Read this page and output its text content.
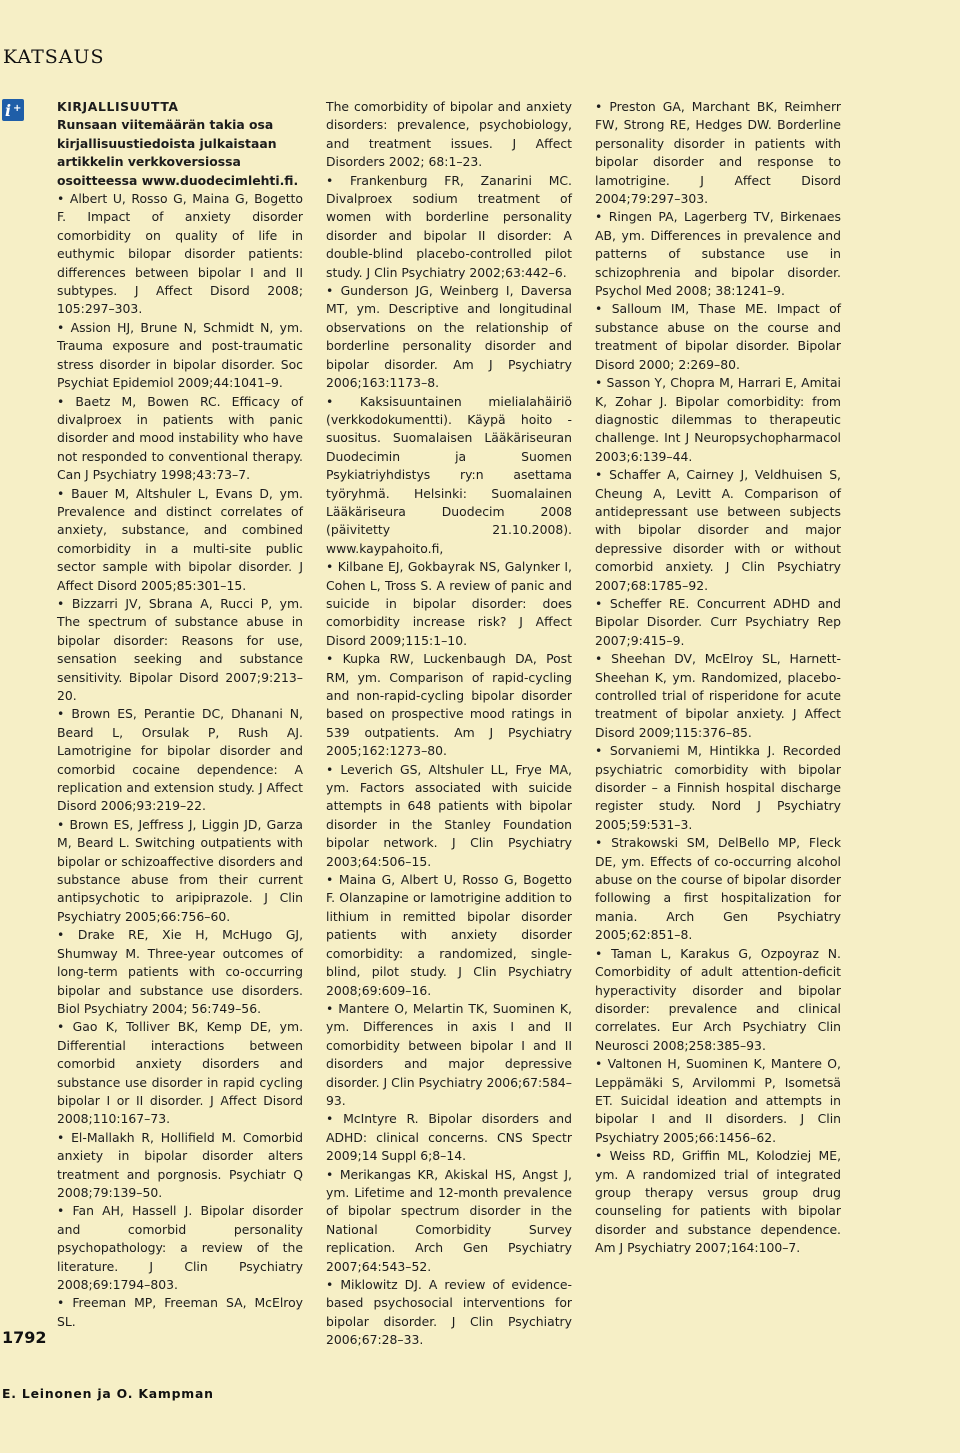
KATSAUS
i +	KIRJALLISUUTTA
Runsaan viitemäärän takia osa kirjallisuustiedoista julkaistaan artikkelin verkkoversiossa osoitteessa www.duodecimlehti.fi.

• Albert U, Rosso G, Maina G, Bogetto F. Impact of anxiety disorder comorbidity on quality of life in euthymic bilopar disorder patients: differences between bipolar I and II subtypes. J Affect Disord 2008; 105:297–303.

• Assion HJ, Brune N, Schmidt N, ym. Trauma exposure and post-traumatic stress disorder in bipolar disorder. Soc Psychiat Epidemiol 2009;44:1041–9.

• Baetz M, Bowen RC. Efficacy of divalproex in patients with panic disorder and mood instability who have not responded to conventional therapy. Can J Psychiatry 1998;43:73–7.

• Bauer M, Altshuler L, Evans D, ym. Prevalence and distinct correlates of anxiety, substance, and combined comorbidity in a multi-site public sector sample with bipolar disorder. J Affect Disord 2005;85:301–15.

• Bizzarri JV, Sbrana A, Rucci P, ym. The spectrum of substance abuse in bipolar disorder: Reasons for use, sensation seeking and substance sensitivity. Bipolar Disord 2007;9:213–20.

• Brown ES, Perantie DC, Dhanani N, Beard L, Orsulak P, Rush AJ. Lamotrigine for bipolar disorder and comorbid cocaine dependence: A replication and extension study. J Affect Disord 2006;93:219–22.

• Brown ES, Jeffress J, Liggin JD, Garza M, Beard L. Switching outpatients with bipolar or schizoaffective disorders and substance abuse from their current antipsychotic to aripiprazole. J Clin Psychiatry 2005;66:756–60.

• Drake RE, Xie H, McHugo GJ, Shumway M. Three-year outcomes of long-term patients with co-occurring bipolar and substance use disorders. Biol Psychiatry 2004; 56:749–56.

• Gao K, Tolliver BK, Kemp DE, ym. Differential interactions between comorbid anxiety disorders and substance use disorder in rapid cycling bipolar I or II disorder. J Affect Disord 2008;110:167–73.

• El-Mallakh R, Hollifield M. Comorbid anxiety in bipolar disorder alters treatment and porgnosis. Psychiatr Q 2008;79:139–50.

• Fan AH, Hassell J. Bipolar disorder and comorbid personality psychopathology: a review of the literature. J Clin Psychiatry 2008;69:1794–803.

• Freeman MP, Freeman SA, McElroy SL.

The comorbidity of bipolar and anxiety disorders: prevalence, psychobiology, and treatment issues. J Affect Disorders 2002; 68:1–23.

• Frankenburg FR, Zanarini MC. Divalproex sodium treatment of women with borderline personality disorder and bipolar II disorder: A double-blind placebo-controlled pilot study. J Clin Psychiatry 2002;63:442–6.

• Gunderson JG, Weinberg I, Daversa MT, ym. Descriptive and longitudinal observations on the relationship of borderline personality disorder and bipolar disorder. Am J Psychiatry 2006;163:1173–8.

• Kaksisuuntainen mielialahäiriö (verkkodokumentti). Käypä hoito -suositus. Suomalaisen Lääkäriseuran Duodecimin ja Suomen Psykiatriyhdistys ry:n asettama työryhmä. Helsinki: Suomalainen Lääkäriseura Duodecim 2008 (päivitetty 21.10.2008). www.kaypahoito.fi,

• Kilbane EJ, Gokbayrak NS, Galynker I, Cohen L, Tross S. A review of panic and suicide in bipolar disorder: does comorbidity increase risk? J Affect Disord 2009;115:1–10.

• Kupka RW, Luckenbaugh DA, Post RM, ym. Comparison of rapid-cycling and non-rapid-cycling bipolar disorder based on prospective mood ratings in 539 outpatients. Am J Psychiatry 2005;162:1273–80.

• Leverich GS, Altshuler LL, Frye MA, ym. Factors associated with suicide attempts in 648 patients with bipolar disorder in the Stanley Foundation bipolar network. J Clin Psychiatry 2003;64:506–15.

• Maina G, Albert U, Rosso G, Bogetto F. Olanzapine or lamotrigine addition to lithium in remitted bipolar disorder patients with anxiety disorder comorbidity: a randomized, single-blind, pilot study. J Clin Psychiatry 2008;69:609–16.

• Mantere O, Melartin TK, Suominen K, ym. Differences in axis I and II comorbidity between bipolar I and II disorders and major depressive disorder. J Clin Psychiatry 2006;67:584–93.

• McIntyre R. Bipolar disorders and ADHD: clinical concerns. CNS Spectr 2009;14 Suppl 6;8–14.

• Merikangas KR, Akiskal HS, Angst J, ym. Lifetime and 12-month prevalence of bipolar spectrum disorder in the National Comorbidity Survey replication. Arch Gen Psychiatry 2007;64:543–52.

• Miklowitz DJ. A review of evidence-based psychosocial interventions for bipolar disorder. J Clin Psychiatry 2006;67:28–33.

• Preston GA, Marchant BK, Reimherr FW, Strong RE, Hedges DW. Borderline personality disorder in patients with bipolar disorder and response to lamotrigine. J Affect Disord 2004;79:297–303.

• Ringen PA, Lagerberg TV, Birkenaes AB, ym. Differences in prevalence and patterns of substance use in schizophrenia and bipolar disorder. Psychol Med 2008; 38:1241–9.

• Salloum IM, Thase ME. Impact of substance abuse on the course and treatment of bipolar disorder. Bipolar Disord 2000; 2:269–80.

• Sasson Y, Chopra M, Harrari E, Amitai K, Zohar J. Bipolar comorbidity: from diagnostic dilemmas to therapeutic challenge. Int J Neuropsychopharmacol 2003;6:139–44.

• Schaffer A, Cairney J, Veldhuisen S, Cheung A, Levitt A. Comparison of antidepressant use between subjects with bipolar disorder and major depressive disorder with or without comorbid anxiety. J Clin Psychiatry 2007;68:1785–92.

• Scheffer RE. Concurrent ADHD and Bipolar Disorder. Curr Psychiatry Rep 2007;9:415–9.

• Sheehan DV, McElroy SL, Harnett-Sheehan K, ym. Randomized, placebo-controlled trial of risperidone for acute treatment of bipolar anxiety. J Affect Disord 2009;115:376–85.

• Sorvaniemi M, Hintikka J. Recorded psychiatric comorbidity with bipolar disorder – a Finnish hospital discharge register study. Nord J Psychiatry 2005;59:531–3.

• Strakowski SM, DelBello MP, Fleck DE, ym. Effects of co-occurring alcohol abuse on the course of bipolar disorder following a first hospitalization for mania. Arch Gen Psychiatry 2005;62:851–8.

• Taman L, Karakus G, Ozpoyraz N. Comorbidity of adult attention-deficit hyperactivity disorder and bipolar disorder: prevalence and clinical correlates. Eur Arch Psychiatry Clin Neurosci 2008;258:385–93.

• Valtonen H, Suominen K, Mantere O, Leppämäki S, Arvilommi P, Isometsä ET. Suicidal ideation and attempts in bipolar I and II disorders. J Clin Psychiatry 2005;66:1456–62.

• Weiss RD, Griffin ML, Kolodziej ME, ym. A randomized trial of integrated group therapy versus group drug counseling for patients with bipolar disorder and substance dependence. Am J Psychiatry 2007;164:100–7.

1792
E. Leinonen ja O. Kampman
